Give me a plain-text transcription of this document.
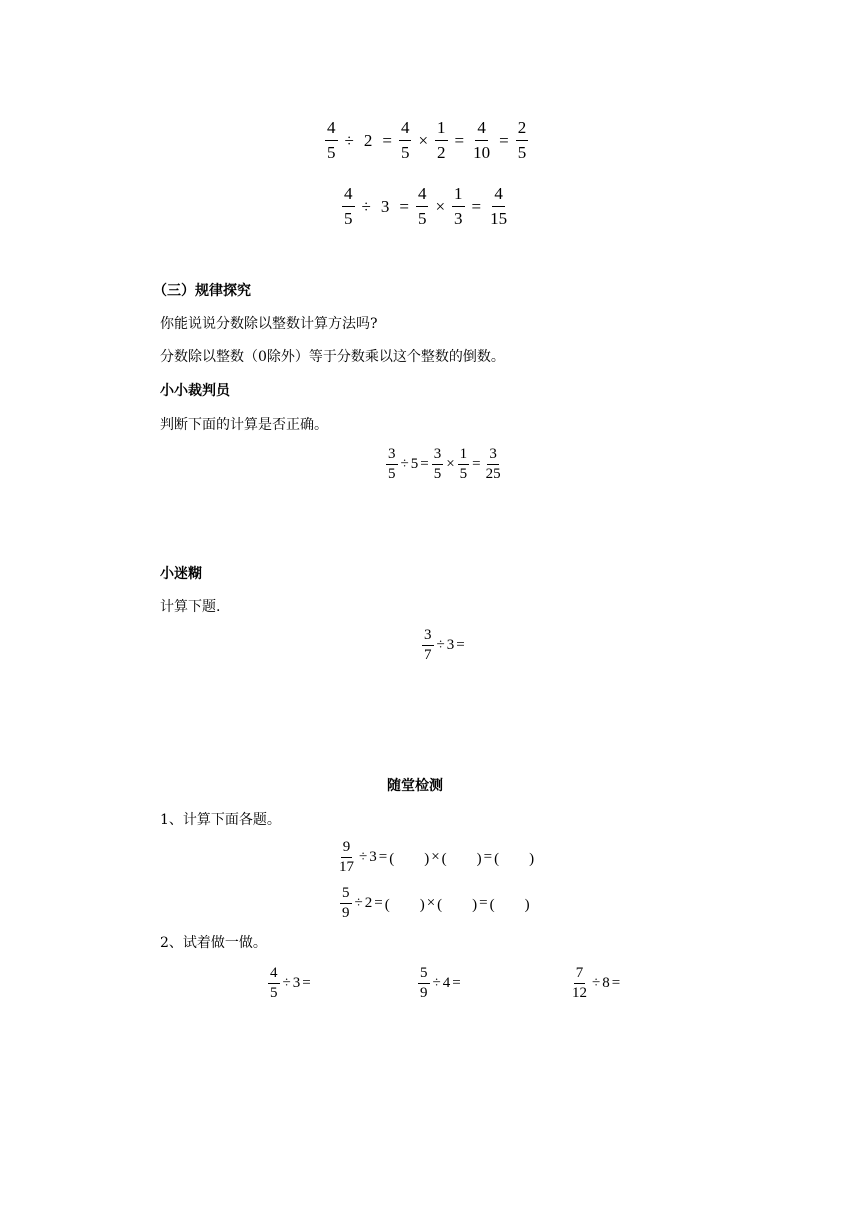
$\frac{4}{5} \div 2 = \frac{4}{5} \times \frac{1}{2} = \frac{4}{10} = \frac{2}{5}$
$\frac{4}{5} \div 3 = \frac{4}{5} \times \frac{1}{3} = \frac{4}{15}$
（三）规律探究
你能说说分数除以整数计算方法吗?
分数除以整数（0除外）等于分数乘以这个整数的倒数。
小小裁判员
判断下面的计算是否正确。
$\frac{3}{5} \div 5 = \frac{3}{5} \times \frac{1}{5} = \frac{3}{25}$
小迷糊
计算下题.
$\frac{3}{7} \div 3$ =
随堂检测
1、计算下面各题。
$\frac{9}{17} \div 3$ = (　　) × (　　) = (　　)
$\frac{5}{9} \div 2$ = (　　) × (　　) = (　　)
2、试着做一做。
$\frac{4}{5} \div 3$ =	$\frac{5}{9} \div 4$ =	$\frac{7}{12} \div 8$ =
